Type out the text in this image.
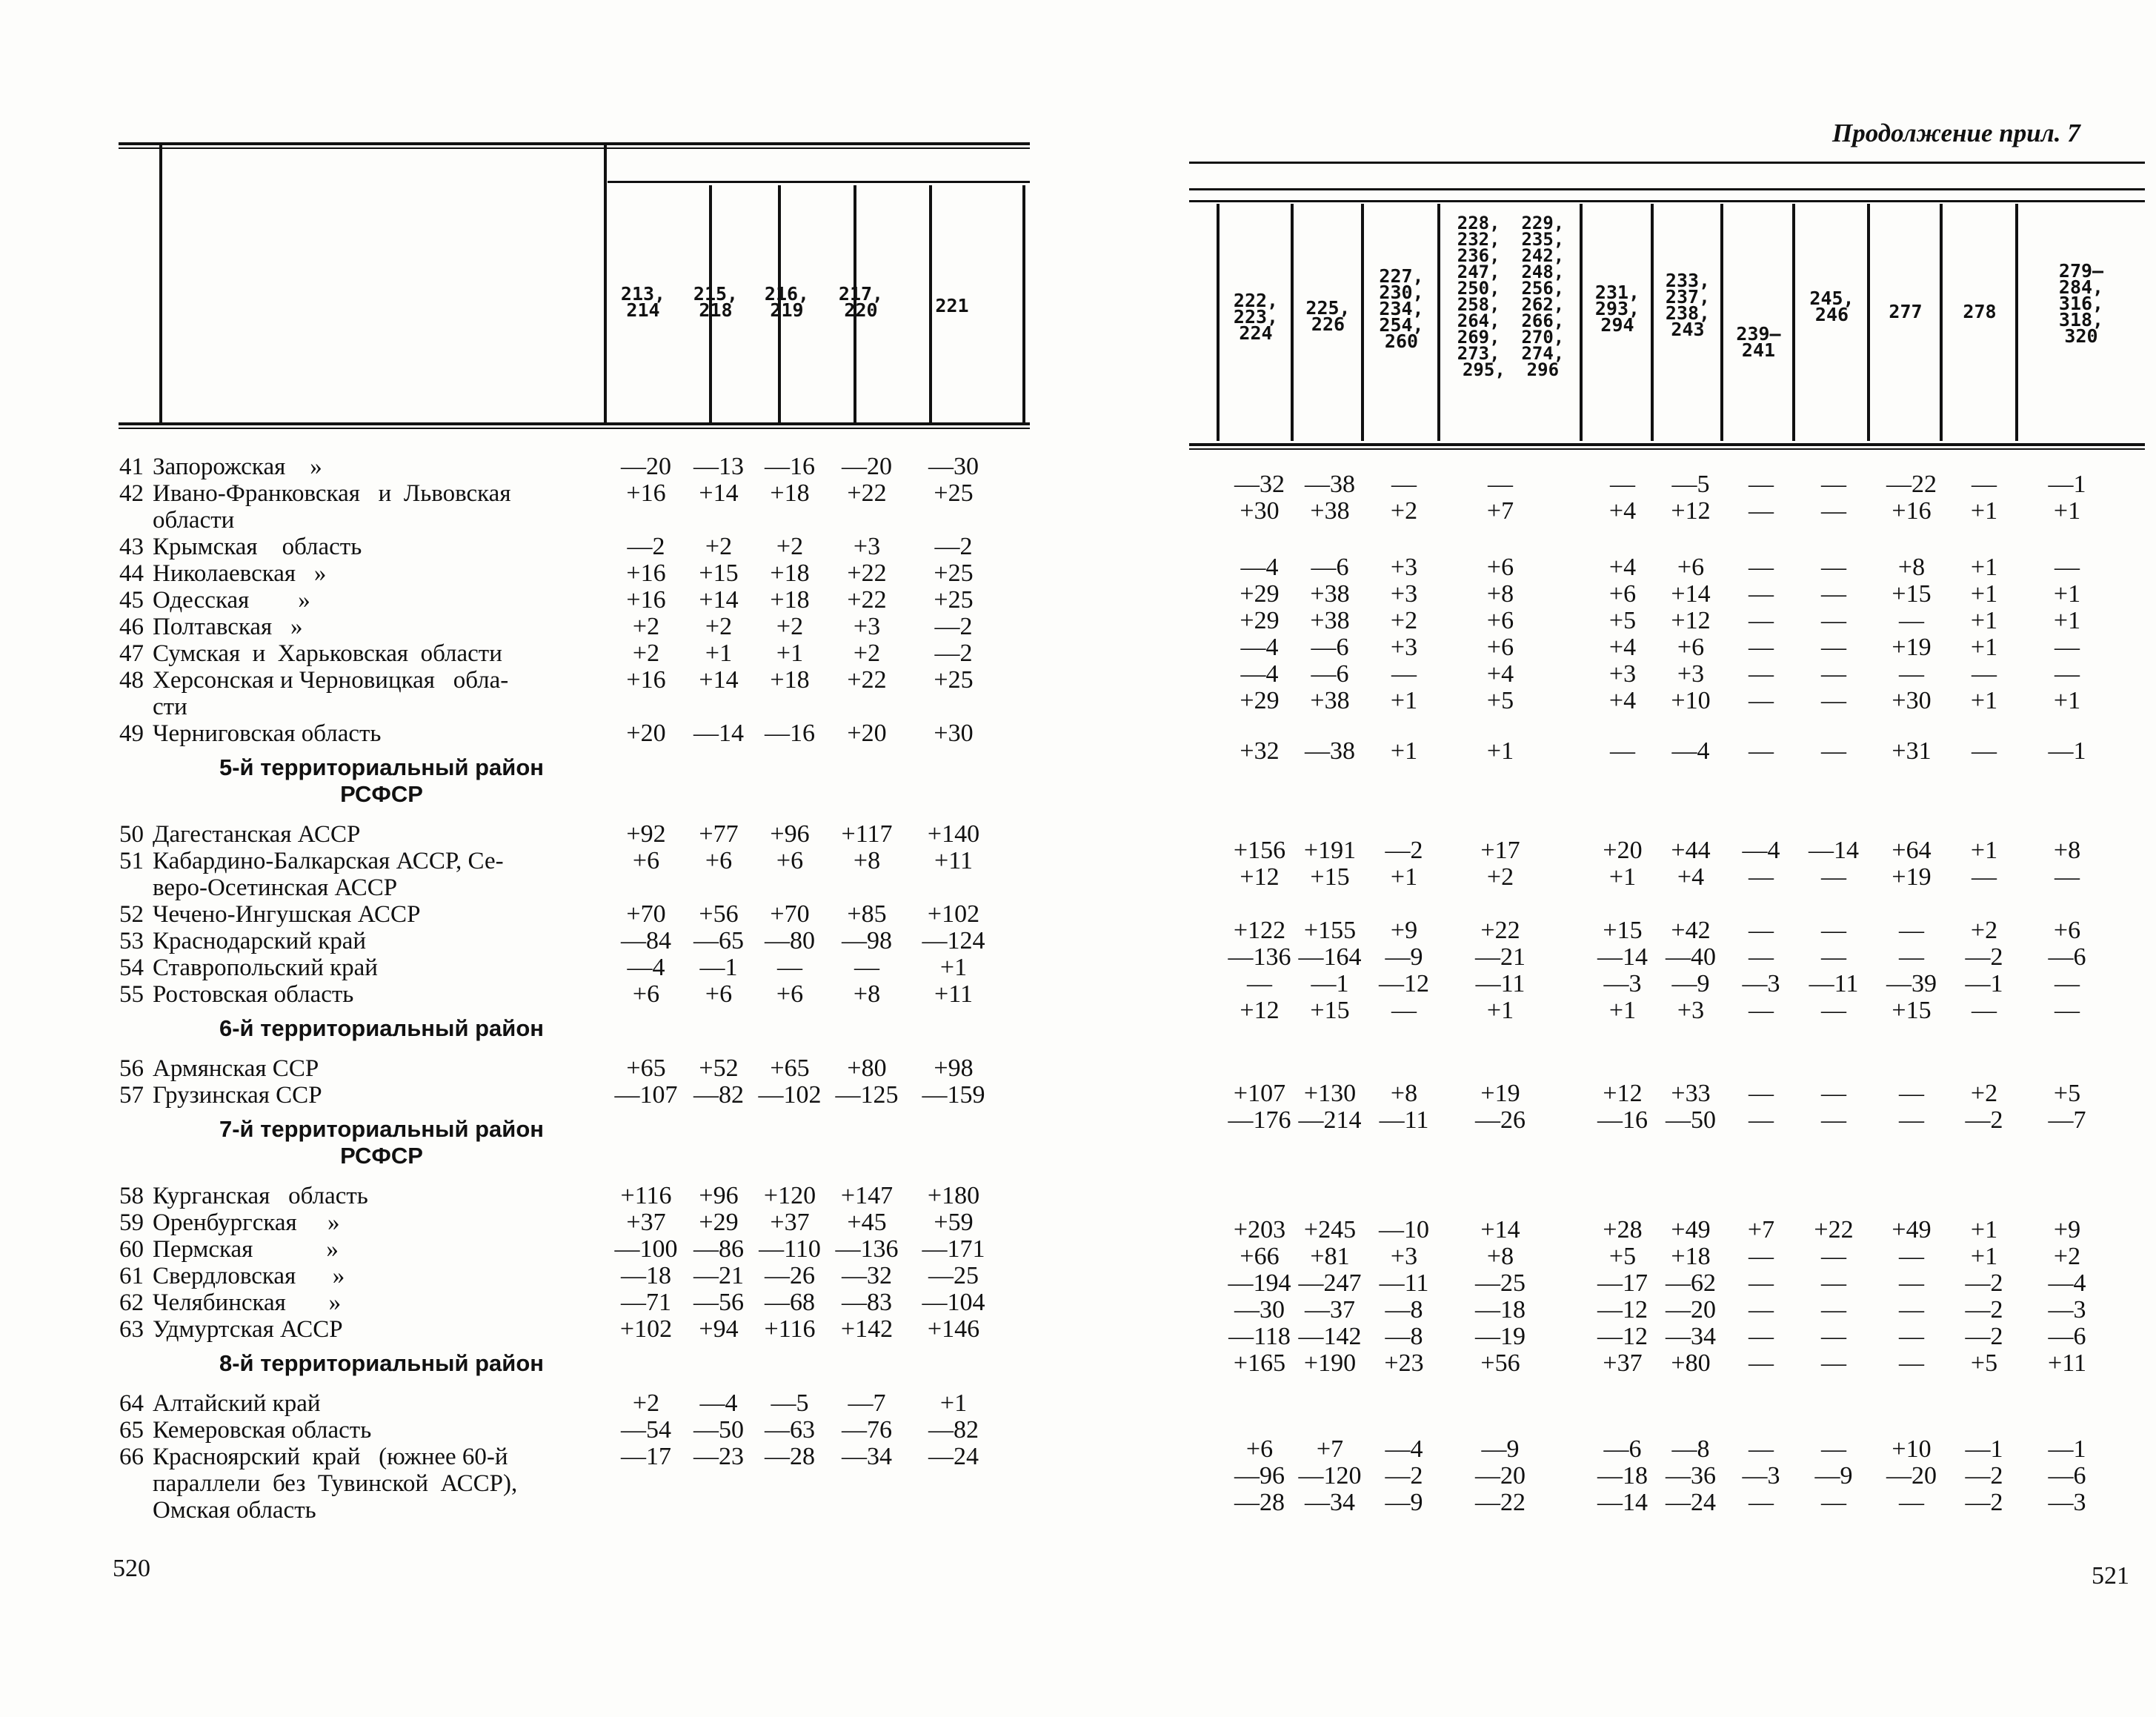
213,
214
215,
218
216,
219
217,
220	221
41	—20 —13 —16	—20	—30
Запорожская    »
42	+16	+14	+18	+22	+25
Ивано-Франковская   и  Львовская
области
43	—2	+2	+2	+3	—2
Крымская    область
44	+16	+15	+18	+22	+25
Николаевская   »
45	+16	+14	+18	+22	+25
Одесская        »
46	+2	+2	+2	+3	—2
Полтавская   »
47	+2	+1	+1	+2	—2
Сумская  и  Харьковская  области
48	+16	+14	+18	+22	+25
Херсонская и Черновицкая   обла-
сти
49	+20	—14 —16	+20	+30
Черниговская область
5-й территориальный район
РСФСР
50	+92	+77	+96	+117	+140
Дагестанская АССР
51	+6	+6	+6	+8	+11
Кабардино-Балкарская АССР, Се-
веро-Осетинская АССР
52	+70	+56	+70	+85	+102
Чечено-Ингушская АССР
53	—84 —65 —80	—98	—124
Краснодарский край
54	—4	—1	—	—	+1
Ставропольский край
55	+6	+6	+6	+8	+11
Ростовская область
6-й территориальный район
56	+65	+52	+65	+80	+98
Армянская ССР
57	—107 —82 —102 —125 —159
Грузинская ССР
7-й территориальный район
РСФСР
58	+116	+96	+120 +147	+180
Курганская   область
59	+37	+29	+37	+45	+59
Оренбургская     »
60	—100 —86 —110 —136 —171
Пермская            »
61	—18 —21 —26	—32	—25
Свердловская      »
62	—71 —56 —68	—83	—104
Челябинская       »
63	+102	+94	+116	+142	+146
Удмуртская АССР
8-й территориальный район
64	+2	—4	—5	—7	+1
Алтайский край
65	—54 —50 —63	—76	—82
Кемеровская область
66	—17 —23 —28	—34	—24
Красноярский  край   (южнее 60-й
параллели  без  Тувинской  АССР),
Омская область
520
Продолжение прил. 7
222,
223,
224
225,
226
227,
230,
234,
254,
260
228,  229,
232,  235,
236,  242,
247,  248,
250,  256,
258,  262,
264,  266,
269,  270,
273,  274,
295,  296
231,
293,
294
233,
237,
238,
243	239—
241
245,
246	277	278
279—
284,
316,
318,
320
—32 —38	—	—	—	—5	—	—	—22	—	—1
+30	+38	+2	+7	+4	+12	—	—	+16	+1	+1
—4	—6	+3	+6	+4	+6	—	—	+8	+1	—
+29	+38	+3	+8	+6	+14	—	—	+15	+1	+1
+29	+38	+2	+6	+5	+12	—	—	—	+1	+1
—4	—6	+3	+6	+4	+6	—	—	+19	+1	—
—4	—6	—	+4	+3	+3	—	—	—	—	—
+29	+38	+1	+5	+4	+10	—	—	+30	+1	+1
+32	—38	+1	+1	—	—4	—	—	+31	—	—1
+156 +191	—2	+17	+20	+44	—4	—14	+64	+1	+8
+12	+15	+1	+2	+1	+4	—	—	+19	—	—
+122 +155	+9	+22	+15	+42	—	—	—	+2	+6
—136 —164 —9	—21	—14 —40	—	—	—	—2	—6
—	—1	—12	—11	—3	—9	—3	—11	—39	—1	—
+12	+15	—	+1	+1	+3	—	—	+15	—	—
+107 +130	+8	+19	+12	+33	—	—	—	+2	+5
—176 —214 —11	—26	—16 —50	—	—	—	—2	—7
+203 +245 —10	+14	+28	+49	+7	+22	+49	+1	+9
+66	+81	+3	+8	+5	+18	—	—	—	+1	+2
—194 —247 —11	—25	—17 —62	—	—	—	—2	—4
—30 —37	—8	—18	—12 —20	—	—	—	—2	—3
—118 —142 —8	—19	—12 —34	—	—	—	—2	—6
+165 +190	+23	+56	+37	+80	—	—	—	+5	+11
+6	+7	—4	—9	—6	—8	—	—	+10	—1	—1
—96 —120 —2	—20	—18 —36	—3	—9	—20	—2	—6
—28 —34	—9	—22	—14 —24	—	—	—	—2	—3
521
